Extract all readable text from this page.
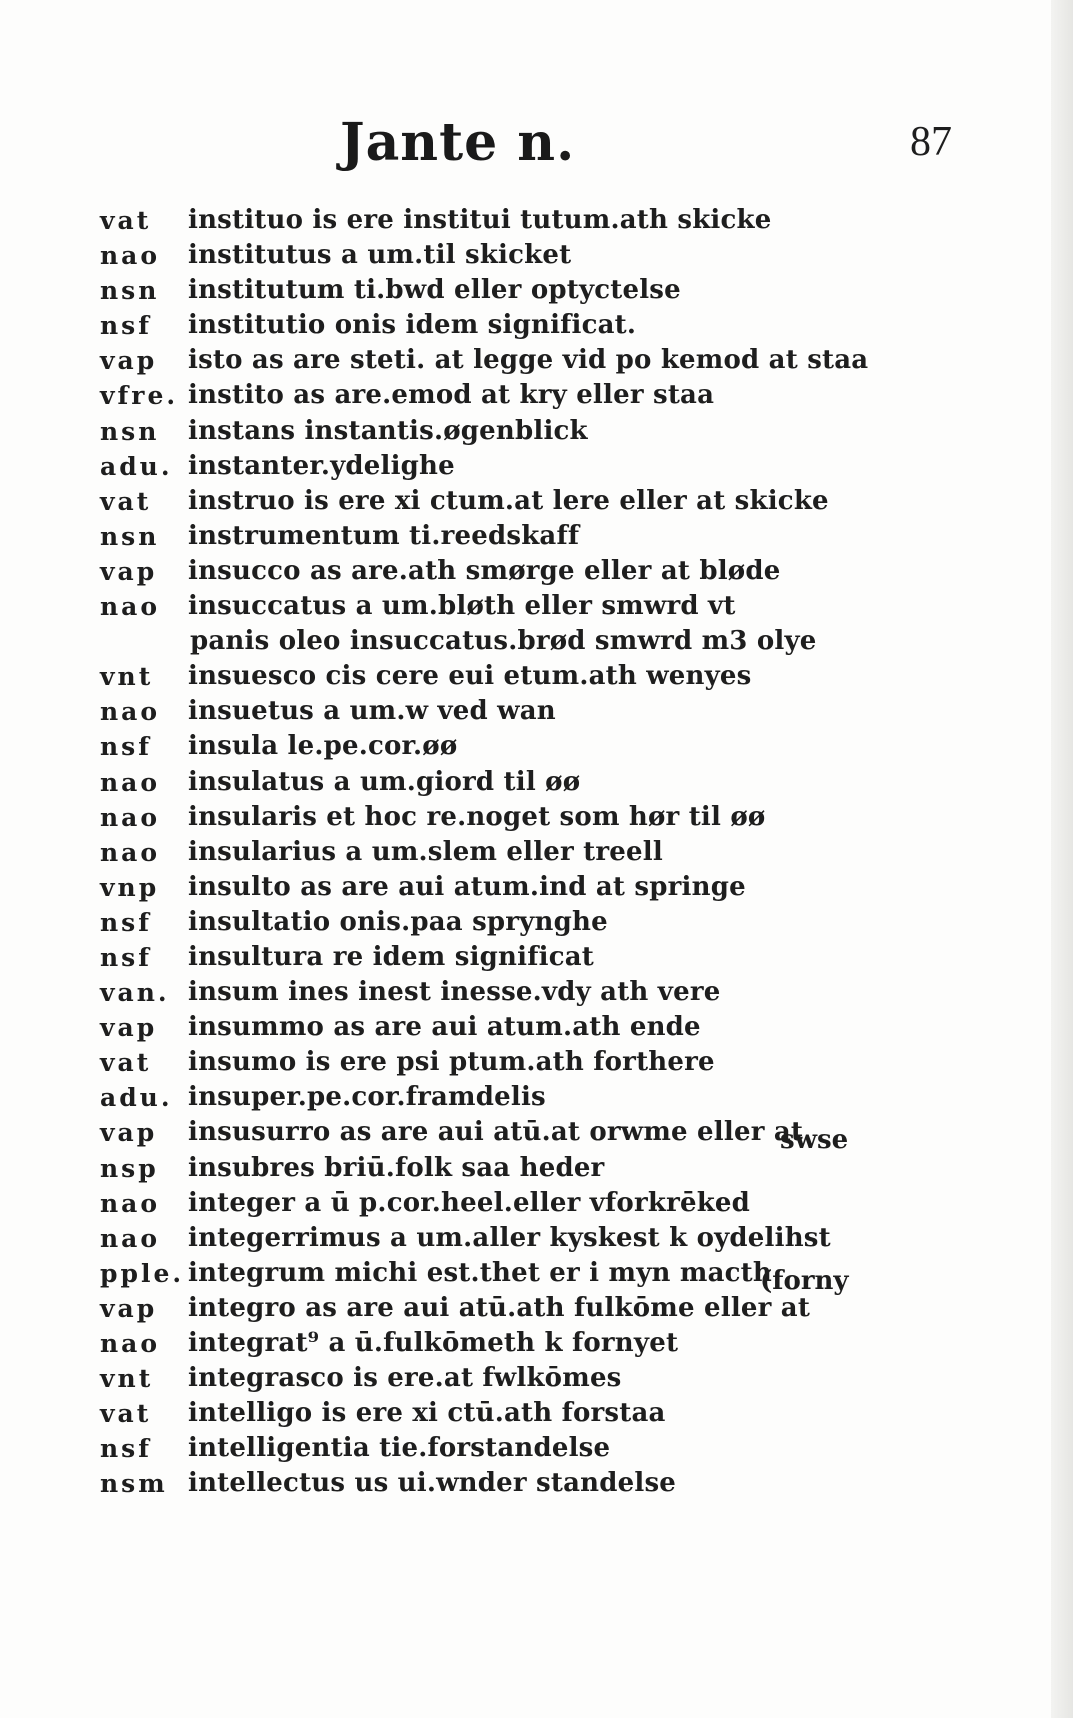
Jante n.	87
vat	instituo is ere institui tutum.ath skicke
nao	institutus a um.til skicket
nsn	institutum ti.bwd eller optyctelse
nsf	institutio onis idem significat.
vap	isto as are steti. at legge vid po kemod at staa
vfre. instito as are.emod at kry eller staa
nsn	instans instantis.øgenblick
adu. instanter.ydelighe
vat	instruo is ere xi ctum.at lere eller at skicke
nsn	instrumentum ti.reedskaff
vap	insucco as are.ath smørge eller at bløde
nao	insuccatus a um.bløth eller smwrd vt
panis oleo insuccatus.brød smwrd m3 olye
vnt	insuesco cis cere eui etum.ath wenyes
nao	insuetus a um.w ved wan
nsf	insula le.pe.cor.øø
nao	insulatus a um.giord til øø
nao	insularis et hoc re.noget som hør til øø
nao	insularius a um.slem eller treell
vnp	insulto as are aui atum.ind at springe
nsf	insultatio onis.paa sprynghe
nsf	insultura re idem significat
van. insum ines inest inesse.vdy ath vere
vap	insummo as are aui atum.ath ende
vat	insumo is ere psi ptum.ath forthere
adu. insuper.pe.cor.framdelis
vap	insusurro as are aui atū.at orwme eller at
swse
nsp	insubres briū.folk saa heder
nao	integer a ū p.cor.heel.eller vforkrēked
nao	integerrimus a um.aller kyskest k oydelihst
pple. integrum michi est.thet er i myn macth
(forny
vap	integro as are aui atū.ath fulkōme eller at
nao	integrat⁹ a ū.fulkōmeth k fornyet
vnt	integrasco is ere.at fwlkōmes
vat	intelligo is ere xi ctū.ath forstaa
nsf	intelligentia tie.forstandelse
nsm intellectus us ui.wnder standelse
